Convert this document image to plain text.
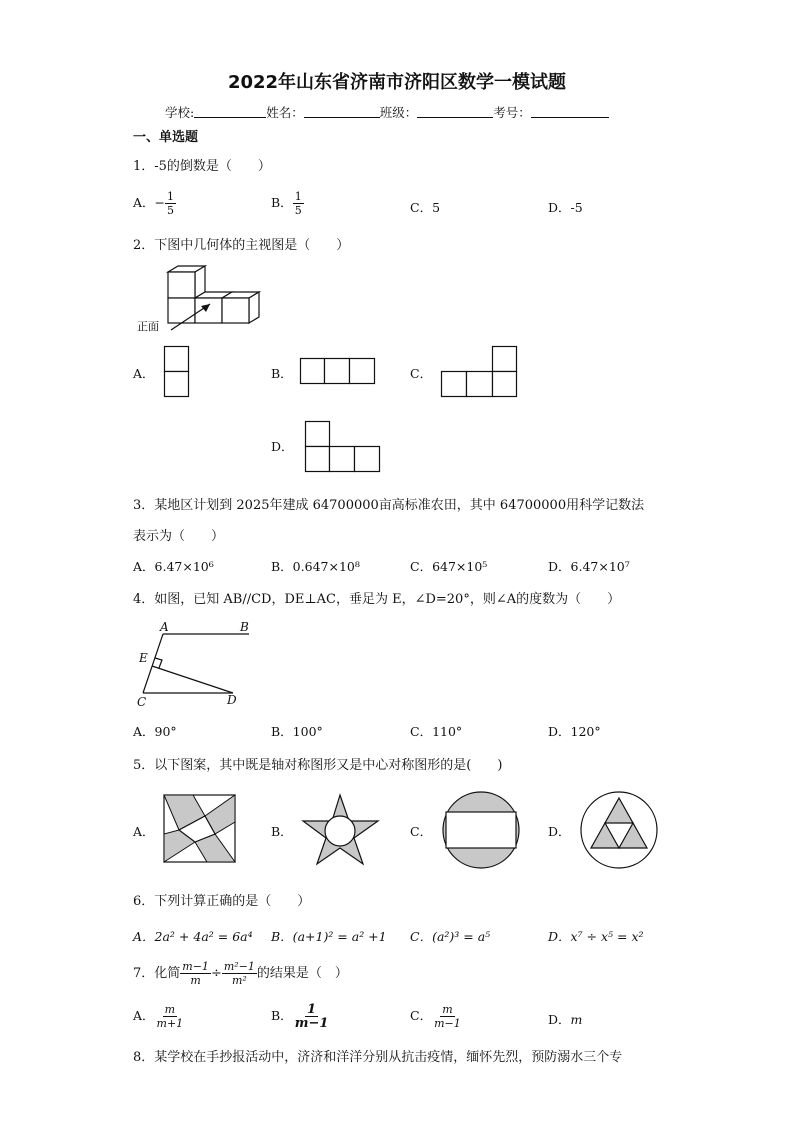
2022年山东省济南市济阳区数学一模试题
学校:	姓名：	班级：	考号：
一、单选题
1．-5的倒数是（　　）
A．− $\frac{1}{5}$	B． $\frac{1}{5}$	C．5	D．-5
2．下图中几何体的主视图是（　　）
正面
A．	B．	C．
D．
3．某地区计划到 2025年建成 64700000亩高标准农田，其中 64700000用科学记数法
表示为（　　）
A．6.47×10⁶	B．0.647×10⁸	C．647×10⁵	D．6.47×10⁷
4．如图，已知 AB//CD，DE⊥AC，垂足为 E，∠D=20°，则∠A的度数为（　　）
A	B
E
C	D
A．90°	B．100°	C．110°	D．120°
5．以下图案，其中既是轴对称图形又是中心对称图形的是(　　)
A．	B．	C．	D．
6．下列计算正确的是（　　）
A．2a² + 4a² = 6a⁴ B．(a+1)² = a² +1 C．(a²)³ = a⁵	D．x⁷ ÷ x⁵ = x²
7．化简 $\frac{m-1}{m} \div \frac{\text{m²−1}}{\text{m²}}$ 的结果是（　）
A． $\frac{m}{m+1}$	B． $\frac{1}{m-1}$	C． $\frac{m}{m-1}$	D．m
8．某学校在手抄报活动中，济济和洋洋分别从抗击疫情，缅怀先烈，预防溺水三个专
